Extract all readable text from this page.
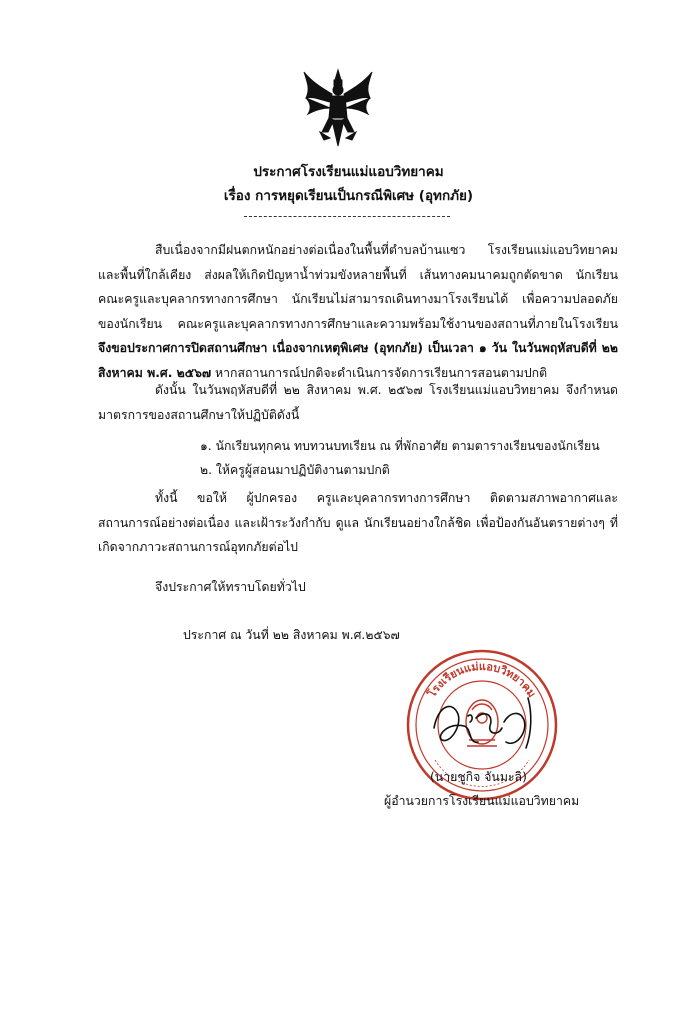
ประกาศโรงเรียนแม่แอบวิทยาคม
เรื่อง การหยุดเรียนเป็นกรณีพิเศษ (อุทกภัย)
สืบเนื่องจากมีฝนตกหนักอย่างต่อเนื่องในพื้นที่ตำบลบ้านแซว โรงเรียนแม่แอบวิทยาคม และพื้นที่ใกล้เคียง ส่งผลให้เกิดปัญหาน้ำท่วมขังหลายพื้นที่ เส้นทางคมนาคมถูกตัดขาด นักเรียน คณะครูและบุคลากรทางการศึกษา นักเรียนไม่สามารถเดินทางมาโรงเรียนได้ เพื่อความปลอดภัยของนักเรียน คณะครูและบุคลากรทางการศึกษาและความพร้อมใช้งานของสถานที่ภายในโรงเรียน จึงขอประกาศการปิดสถานศึกษา เนื่องจากเหตุพิเศษ (อุทกภัย) เป็นเวลา ๑ วัน ในวันพฤหัสบดีที่ ๒๒ สิงหาคม พ.ศ. ๒๕๖๗ หากสถานการณ์ปกติจะดำเนินการจัดการเรียนการสอนตามปกติ
ดังนั้น ในวันพฤหัสบดีที่ ๒๒ สิงหาคม พ.ศ. ๒๕๖๗ โรงเรียนแม่แอบวิทยาคม จึงกำหนดมาตรการของสถานศึกษาให้ปฏิบัติดังนี้
๑. นักเรียนทุกคน ทบทวนบทเรียน ณ ที่พักอาศัย ตามตารางเรียนของนักเรียน
๒. ให้ครูผู้สอนมาปฏิบัติงานตามปกติ
ทั้งนี้ ขอให้ ผู้ปกครอง ครูและบุคลากรทางการศึกษา ติดตามสภาพอากาศและสถานการณ์อย่างต่อเนื่อง และเฝ้าระวังกำกับ ดูแล นักเรียนอย่างใกล้ชิด เพื่อป้องกันอันตรายต่างๆ ที่เกิดจากภาวะสถานการณ์อุทกภัยต่อไป
จึงประกาศให้ทราบโดยทั่วไป
ประกาศ ณ วันที่ ๒๒ สิงหาคม พ.ศ.๒๕๖๗
โรงเรียนแม่แอบวิทยาคม
(นายชูกิจ จันมะลิ)
ผู้อำนวยการโรงเรียนแม่แอบวิทยาคม
